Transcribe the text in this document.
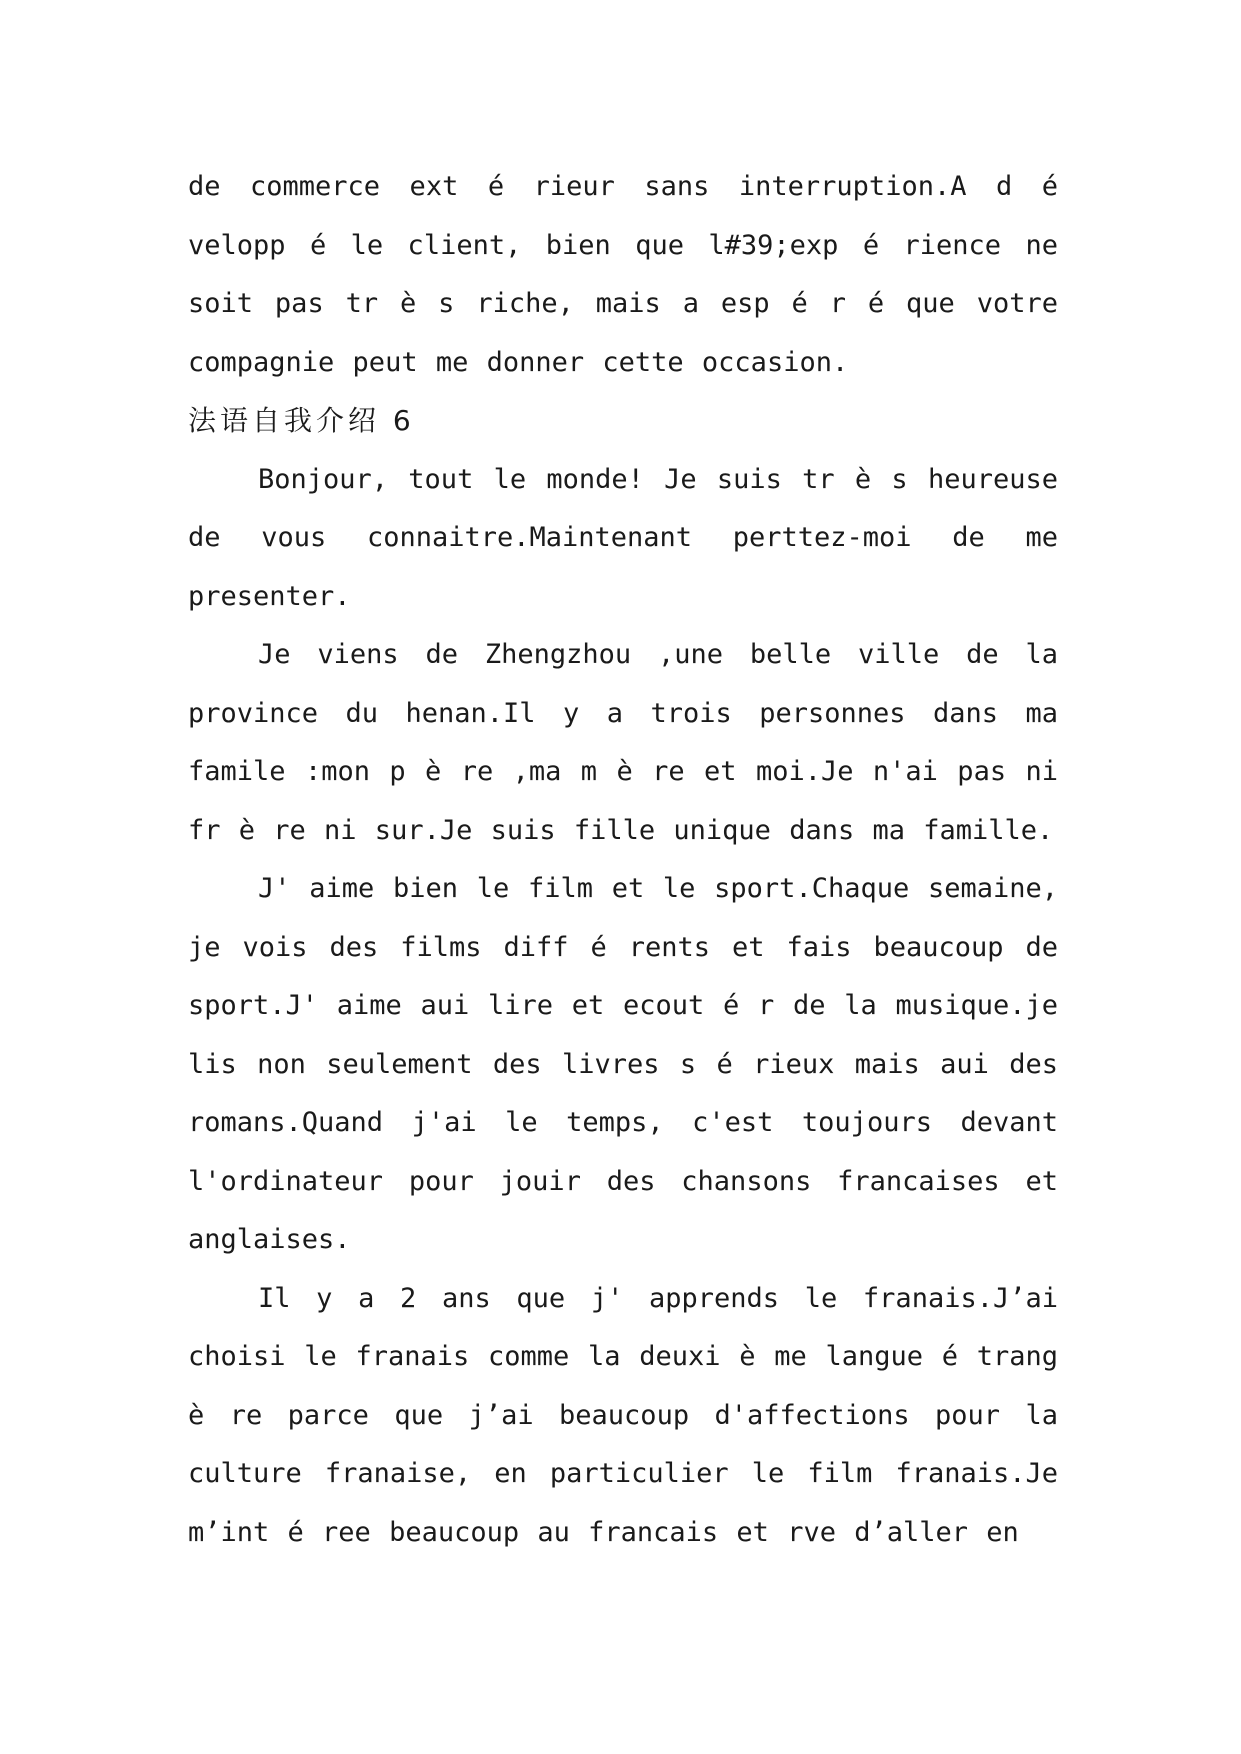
de commerce ext é rieur sans interruption.A d é velopp é le client, bien que l#39;exp é rience ne soit pas tr è s riche, mais a esp é r é que votre compagnie peut me donner cette occasion.

法语自我介绍 6

Bonjour, tout le monde! Je suis tr è s heureuse de vous connaitre.Maintenant perttez-moi de me presenter.

Je viens de Zhengzhou ,une belle ville de la province du henan.Il y a trois personnes dans ma famile :mon p è re ,ma m è re et moi.Je n'ai pas ni fr è re ni sur.Je suis fille unique dans ma famille.

J' aime bien le film et le sport.Chaque semaine, je vois des films diff é rents et fais beaucoup de sport.J' aime aui lire et ecout é r de la musique.je lis non seulement des livres s é rieux mais aui des romans.Quand j'ai le temps, c'est toujours devant l'ordinateur pour jouir des chansons francaises et anglaises.

Il y a 2 ans que j' apprends le franais.J’ai choisi le franais comme la deuxi è me langue é trang è re parce que j’ai beaucoup d'affections pour la culture franaise, en particulier le film franais.Je m’int é ree beaucoup au francais et rve d’aller en
